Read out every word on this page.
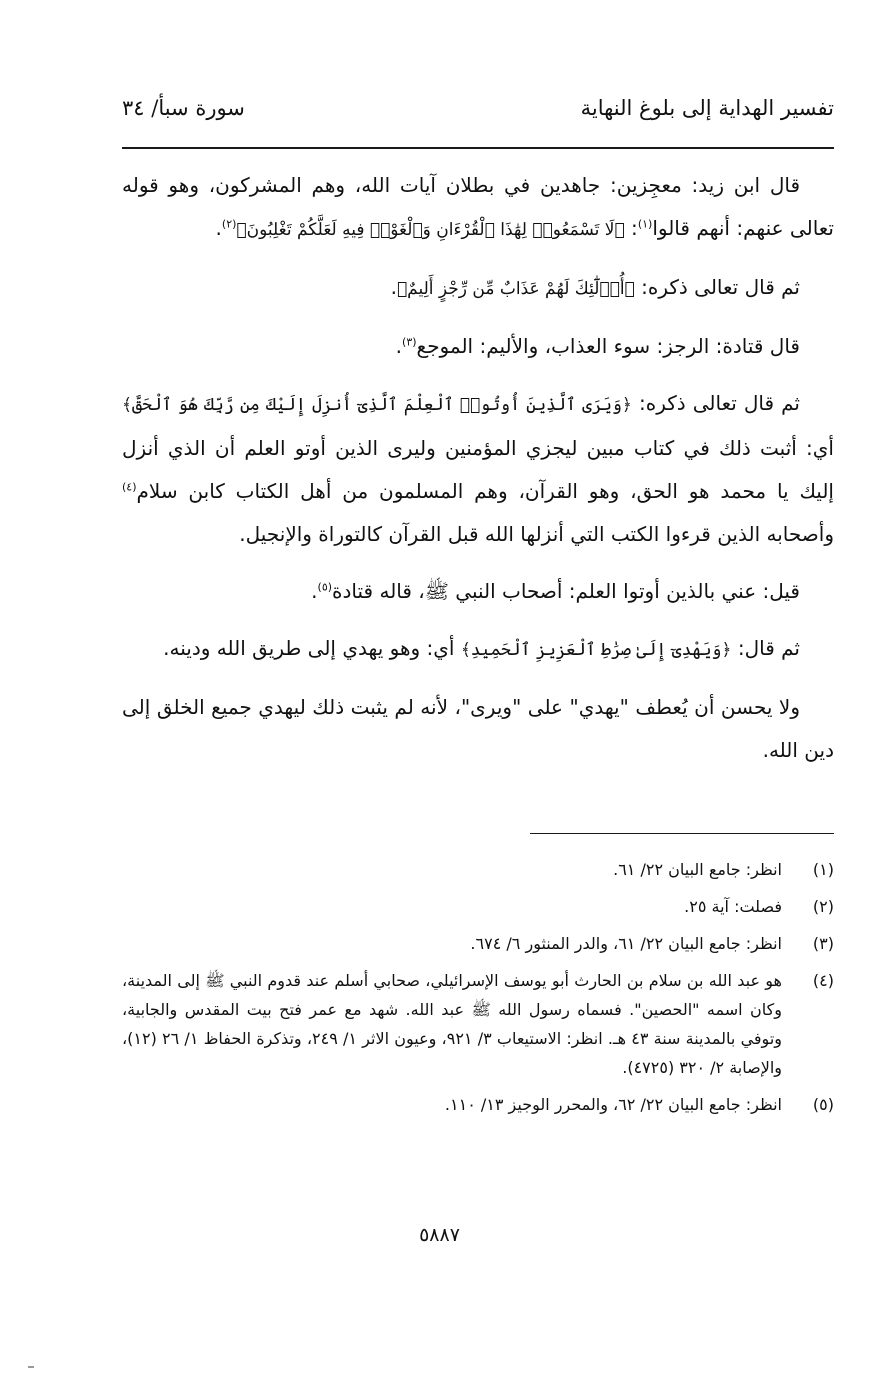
تفسير الهداية إلى بلوغ النهاية
سورة سبأ/ ٣٤

قال ابن زيد: معجِزين: جاهدين في بطلان آيات الله، وهم المشركون، وهو قوله تعالى عنهم: أنهم قالوا$^{(١)}$: ﴿لَا تَسْمَعُوا۟ لِهَٰذَا ٱلْقُرْءَانِ وَٱلْغَوْا۟ فِيهِ لَعَلَّكُمْ تَغْلِبُونَ﴾$^{(٢)}$.

ثم قال تعالى ذكره: ﴿أُو۟لَٰٓئِكَ لَهُمْ عَذَابٌ مِّن رِّجْزٍ أَلِيمٌ﴾.

قال قتادة: الرجز: سوء العذاب، والأليم: الموجع$^{(٣)}$.

ثم قال تعالى ذكره: ﴿وَيَرَى ٱلَّذِينَ أُوتُوا۟ ٱلْعِلْمَ ٱلَّذِىٓ أُنزِلَ إِلَيْكَ مِن رَّبِّكَ هُوَ ٱلْحَقَّ﴾ أي: أثبت ذلك في كتاب مبين ليجزي المؤمنين وليرى الذين أوتو العلم أن الذي أنزل إليك يا محمد هو الحق، وهو القرآن، وهم المسلمون من أهل الكتاب كابن سلام$^{(٤)}$ وأصحابه الذين قرءوا الكتب التي أنزلها الله قبل القرآن كالتوراة والإنجيل.

قيل: عني بالذين أوتوا العلم: أصحاب النبي ﷺ، قاله قتادة$^{(٥)}$.

ثم قال: ﴿وَيَهْدِىٓ إِلَىٰ صِرَٰطِ ٱلْعَزِيزِ ٱلْحَمِيدِ﴾ أي: وهو يهدي إلى طريق الله ودينه.

ولا يحسن أن يُعطف "يهدي" على "ويرى"، لأنه لم يثبت ذلك ليهدي جميع الخلق إلى دين الله.

(١)
انظر: جامع البيان ٢٢/ ٦١.
(٢)
فصلت: آية ٢٥.
(٣)
انظر: جامع البيان ٢٢/ ٦١، والدر المنثور ٦/ ٦٧٤.
(٤)
هو عبد الله بن سلام بن الحارث أبو يوسف الإسرائيلي، صحابي أسلم عند قدوم النبي ﷺ إلى المدينة، وكان اسمه "الحصين". فسماه رسول الله ﷺ عبد الله. شهد مع عمر فتح بيت المقدس والجابية، وتوفي بالمدينة سنة ٤٣ هـ. انظر: الاستيعاب ٣/ ٩٢١، وعيون الاثر ١/ ٢٤٩، وتذكرة الحفاظ ١/ ٢٦ (١٢)، والإصابة ٢/ ٣٢٠ (٤٧٢٥).
(٥)
انظر: جامع البيان ٢٢/ ٦٢، والمحرر الوجيز ١٣/ ١١٠.
٥٨٨٧
